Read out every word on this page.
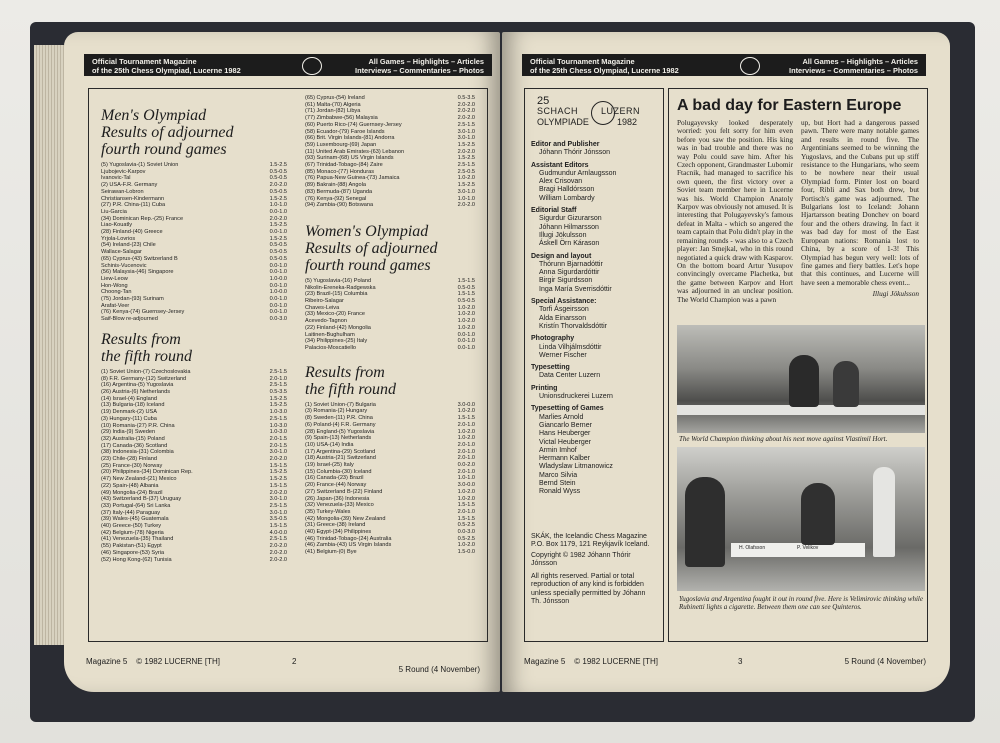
Official Tournament Magazine
of the 25th Chess Olympiad, Lucerne 1982
All Games – Highlights – Articles
Interviews – Commentaries – Photos
Men's Olympiad
Results of adjourned
fourth round games
(5) Yugoslavia-(1) Soviet Union	1.5-2.5
Ljubojevic-Karpov	0.5-0.5
Ivanovic-Tal	0.5-0.5
(2) USA-F.R. Germany	2.0-2.0
Seirawan-Lobron	0.5-0.5
Christiansen-Kindermann	1.5-2.5
(27) P.R. China-(11) Cuba	1.0-1.0
Liu-Garcia	0.0-1.0
(34) Dominican Rep.-(25) France	2.0-2.0
Liao-Kouatly	1.5-2.5
(28) Finland-(40) Greece	0.0-1.0
Yrjola-Lovrios	1.5-2.5
(54) Ireland-(23) Chile	0.5-0.5
Wallace-Salagar	0.5-0.5
(65) Cyprus-(43) Switzerland B	0.5-0.5
Schinis-Vucenovic	0.0-1.0
(56) Malaysia-(46) Singapore	0.0-1.0
Liew-Leow	1.0-0.0
Hon-Wong	0.0-1.0
Choong-Tan	1.0-0.0
(75) Jordan-(93) Surinam	0.0-1.0
Arafat-Veer	0.0-1.0
(76) Kenya-(74) Guernsey-Jersey	0.0-1.0
Saif-Blow re-adjourned	0.0-3.0
Results from
the fifth round
(1) Soviet Union-(7) Czechoslovakia	2.5-1.5
(8) F.R. Germany-(12) Switzerland	2.0-1.0
(16) Argentina-(5) Yugoslavia	2.5-1.5
(26) Austria-(6) Netherlands	0.5-3.5
(14) Israel-(4) England	1.5-2.5
(13) Bulgaria-(18) Iceland	1.5-2.5
(19) Denmark-(2) USA	1.0-3.0
(3) Hungary-(11) Cuba	2.5-1.5
(10) Romania-(27) P.R. China	1.0-3.0
(29) India-(9) Sweden	1.0-3.0
(32) Australia-(15) Poland	2.0-1.5
(17) Canada-(36) Scotland	2.0-1.5
(38) Indonesia-(31) Colombia	3.0-1.0
(23) Chile-(28) Finland	2.0-2.0
(25) France-(30) Norway	1.5-1.5
(20) Philippines-(34) Dominican Rep.	1.5-2.5
(47) New Zealand-(21) Mexico	1.5-2.5
(22) Spain-(48) Albania	1.5-1.5
(49) Mongolia-(24) Brazil	2.0-2.0
(43) Switzerland B-(37) Uruguay	3.0-1.0
(33) Portugal-(64) Sri Lanka	2.5-1.5
(37) Italy-(44) Paraguay	3.0-1.0
(39) Wales-(45) Guatemala	3.5-0.5
(40) Greece-(50) Turkey	1.5-1.5
(42) Belgium-(78) Nigeria	4.0-0.0
(41) Venezuela-(35) Thailand	2.5-1.5
(55) Pakistan-(51) Egypt	2.0-2.0
(46) Singapore-(53) Syria	2.0-2.0
(52) Hong Kong-(62) Tunisia	2.0-2.0
(65) Cyprus-(54) Ireland	0.5-3.5
(61) Malta-(70) Algeria	2.0-2.0
(71) Jordan-(82) Libya	2.0-2.0
(77) Zimbabwe-(56) Malaysia	2.0-2.0
(60) Puerto Rico-(74) Guernsey-Jersey	2.5-1.5
(58) Ecuador-(79) Faroe Islands	3.0-1.0
(66) Brit. Virgin Islands-(81) Andorra	3.0-1.0
(59) Luxembourg-(69) Japan	1.5-2.5
(11) United Arab Emirates-(63) Lebanon	2.0-2.0
(93) Surinam-(68) US Virgin Islands	1.5-2.5
(67) Trinidad-Tobago-(84) Zaire	2.5-1.5
(85) Monaco-(77) Honduras	2.5-0.5
(76) Papua-New Guinea-(73) Jamaica	1.0-2.0
(89) Bakrain-(88) Angola	1.5-2.5
(83) Bermuda-(87) Uganda	3.0-1.0
(76) Kenya-(92) Senegal	1.0-1.0
(94) Zambia-(90) Botswana	2.0-2.0
Women's Olympiad
Results of adjourned
fourth round games
(5) Yugoslavia-(16) Poland	1.5-1.5
Nikolin-Ereneka-Radgewska	0.5-0.5
(23) Brazil-(15) Columbia	1.5-1.5
Ribeiro-Salagar	0.5-0.5
Chaves-Leiva	1.0-2.0
(33) Mexico-(20) France	1.0-2.0
Acevedo-Tagnon	1.0-2.0
(22) Finland-(42) Mongolia	1.0-2.0
Laitinen-Bughulham	0.0-1.0
(34) Philippines-(25) Italy	0.0-1.0
Palacios-Moscatiello	0.0-1.0
Results from
the fifth round
(1) Soviet Union-(7) Bulgaria	3.0-0.0
(3) Romania-(2) Hungary	1.0-2.0
(8) Sweden-(11) P.R. China	1.5-1.5
(6) Poland-(4) F.R. Germany	2.0-1.0
(28) England-(5) Yugoslavia	1.0-2.0
(9) Spain-(13) Netherlands	1.0-2.0
(10) USA-(14) India	2.0-1.0
(17) Argentina-(29) Scotland	2.0-1.0
(18) Austria-(21) Switzerland	2.0-1.0
(19) Israel-(25) Italy	0.0-2.0
(15) Columbia-(30) Iceland	2.0-1.0
(16) Canada-(23) Brazil	1.0-1.0
(20) France-(44) Norway	3.0-0.0
(27) Switzerland B-(22) Finland	1.0-2.0
(26) Japan-(36) Indonesia	1.0-2.0
(32) Venezuela-(33) Mexico	1.5-1.5
(35) Turkey-Wales	2.0-1.0
(42) Mongolia-(39) New Zealand	1.5-1.5
(31) Greece-(38) Ireland	0.5-2.5
(40) Egypt-(34) Philippines	0.0-3.0
(46) Trinidad-Tobago-(24) Australia	0.5-2.5
(46) Zambia-(43) US Virgin Islands	1.0-2.0
(41) Belgium-(0) Bye	1.5-0.0
Magazine 5 © 1982 LUCERNE [TH]	2
5 Round (4 November)
Official Tournament Magazine
of the 25th Chess Olympiad, Lucerne 1982
All Games – Highlights – Articles
Interviews – Commentaries – Photos
25
SCHACH	LUZERN
OLYMPIADE	1982
Editor and Publisher
Jóhann Thórir Jónsson
Assistant Editors
Gudmundur Arnlaugsson
Alex Crisovan
Bragi Halldórsson
William Lombardy
Editorial Staff
Sigurdur Gizurarson
Jóhann Hilmarsson
Illugi Jökulsson
Áskell Örn Kárason
Design and layout
Thórunn Bjarnadóttir
Anna Sigurdardóttir
Birgir Sigurdsson
Inga María Sverrisdóttir
Special Assistance:
Torfi Ásgeirsson
Alda Einarsson
Kristín Thorvaldsdóttir
Photography
Linda Vilhjálmsdóttir
Werner Fischer
Typesetting
Data Center Luzern
Printing
Unionsdruckerei Luzern
Typesetting of Games
Marlies Arnold
Giancarlo Berner
Hans Heuberger
Victal Heuberger
Armin Imhof
Hermann Kalber
Wladyslaw Litmanowicz
Marco Silvia
Bernd Stein
Ronald Wyss
SKÁK, the Icelandic Chess Magazine P.O. Box 1179, 121 Reykjavík Iceland.
Copyright © 1982 Jóhann Thórir Jónsson
All rights reserved. Partial or total reproduction of any kind is forbidden unless specially permitted by Jóhann Th. Jónsson
A bad day for Eastern Europe
Polugayevsky looked desperately worried: you felt sorry for him even before you saw the position. His king was in bad trouble and there was no way Polu could save him. After his Czech opponent, Grandmaster Lubomir Ftacnik, had managed to sacrifice his own queen, the first victory over a Soviet team member here in Lucerne was his. World Champion Anatoly Karpov was obviously not amused. It is interesting that Polugayevsky's famous defeat in Malta - which so angered the team captain that Polu didn't play in the remaining rounds - was also to a Czech player: Jan Smejkal, who in this round negotiated a quick draw with Kasparov. On the bottom board Artur Yusupov convincingly overcame Plachetka, but the game between Karpov and Hort was adjourned in an unclear position. The World Champion was a pawn
up, but Hort had a dangerous passed pawn. There were many notable games and results in round five. The Argentinians seemed to be winning the Yugoslavs, and the Cubans put up stiff resistance to the Hungarians, who seem to be nowhere near their usual Olympiad form. Pinter lost on board four, Ribli and Sax both drew, but Portisch's game was adjourned. The Bulgarians lost to Iceland: Johann Hjartarsson beating Donchev on board four and the others drawing. In fact it was bad day for most of the East European nations: Romania lost to China, by a score of 1-3! This Olympiad has begun very well: lots of fine games and fiery battles. Let's hope that this continues, and Lucerne will have seen a memorable chess event...
Illugi Jökulsson
The World Champion thinking about his next move against Vlastimil Hort.
H. Olafsson	P. Velikov
Yugoslavia and Argentina fought it out in round five. Here is Velimirovic thinking while Rubinetti lights a cigarette. Between them one can see Quinteros.
Magazine 5 © 1982 LUCERNE [TH]	3	5 Round (4 November)
